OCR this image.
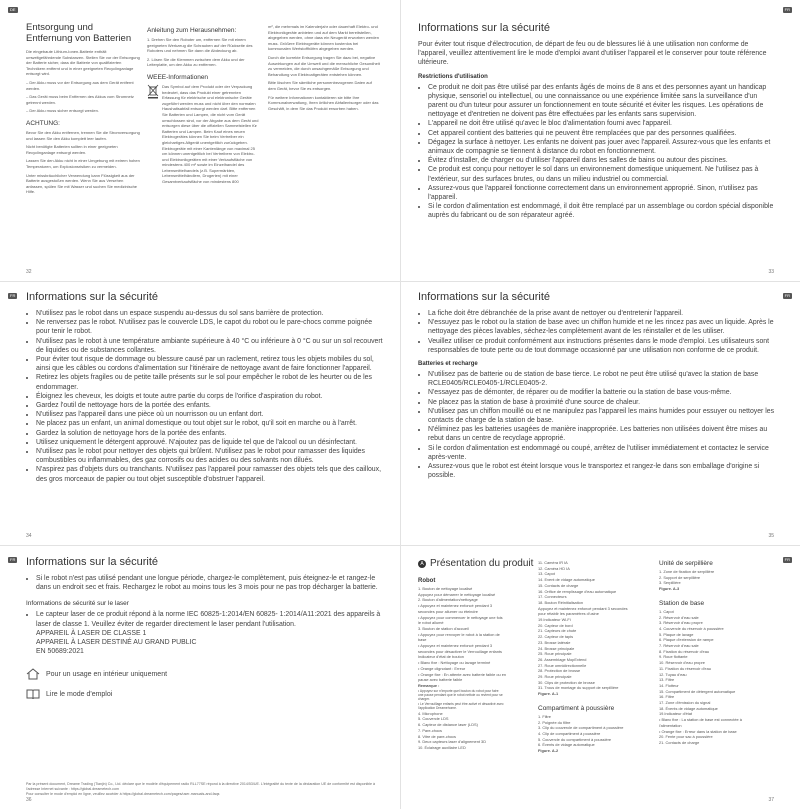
DE
Entsorgung und Entfernung von Batterien

Die eingebaute Lithium-Ionen-Batterie enthält umweltgefährdende Substanzen. Stellen Sie vor der Entsorgung der Batterie sicher, dass die Batterie von qualifizierten Technikern entfernt und in einer geeigneten Recyclinganlage entsorgt wird.

– Der Akku muss vor der Entsorgung aus dem Gerät entfernt werden.

– Das Gerät muss beim Entfernen des Akkus vom Stromnetz getrennt werden.

– Der Akku muss sicher entsorgt werden.

ACHTUNG:

Bevor Sie den Akku entfernen, trennen Sie die Stromversorgung und lassen Sie den Akku komplett leer laufen.

Nicht benötigte Batterien sollten in einer geeigneten Recyclinganlage entsorgt werden.

Lassen Sie den Akku nicht in einer Umgebung mit extrem hohen Temperaturen, um Explosionsrisiken zu vermeiden.

Unter missbräuchlicher Verwendung kann Flüssigkeit aus der Batterie ausgestoßen werden. Wenn Sie aus Versehen anfassen, spülen Sie mit Wasser und suchen Sie medizinische Hilfe.

Anleitung zum Herausnehmen:

1. Drehen Sie den Roboter um, entfernen Sie mit einem geeigneten Werkzeug die Schrauben auf der Rückseite des Roboters und nehmen Sie dann die Abdeckung ab.

2. Lösen Sie die Klemmen zwischen dem Akku und der Leiterplatte, um den Akku zu entfernen.

WEEE-Informationen

Das Symbol auf dem Produkt oder der Verpackung bedeutet, dass das Produkt einer getrennten Erfassung für elektrische und elektronische Geräte zugeführt werden muss und nicht über den normalen Haushaltsabfall entsorgt werden darf. Bitte entfernen Sie Batterien und Lampen, die nicht vom Gerät umschlossen sind, vor der Abgabe aus dem Gerät und entsorgen diese über die offiziellen Sammelstellen für Batterien und Lampen. Beim Kauf eines neuen Elektrogerätes können Sie beim Vertreiber ein gleichartiges Altgerät unentgeltlich zurückgeben. Elektrogeräte mit einer Kantenlänge von maximal 25 cm können unentgeltlich bei Vertreibern von Elektro- und Elektronikgeräten mit einer Verkaufsfläche von mindestens 400 m² sowie im Einzelhandel des Lebensmittelhandels (z.B. Supermärkten, Lebensmittelhändlern, Drogerien) mit einer Gesamtverkaufsfläche von mindestens 800

m², die mehrmals im Kalenderjahr oder dauerhaft Elektro- und Elektronikgeräte anbieten und auf dem Markt bereitstellen, abgegeben werden, ohne dass ein Neugerät erworben werden muss. Größere Elektrogeräte können kostenlos bei kommunalen Wertstoffhöfen abgegeben werden.

Durch die korrekte Entsorgung tragen Sie dazu bei, negative Auswirkungen auf die Umwelt und die menschliche Gesundheit zu vermeiden, die durch unsachgemäße Entsorgung und Behandlung von Elektroaltgeräten entstehen können.

Bitte löschen Sie sämtliche personenbezogenen Daten auf dem Gerät, bevor Sie es entsorgen.

Für weitere Informationen kontaktieren sie bitte Ihre Kommunalverwaltung, Ihren örtlichen Abfallentsorger oder das Geschäft, in dem Sie das Produkt erworben haben.

32
FR
Informations sur la sécurité
Pour éviter tout risque d'électrocution, de départ de feu ou de blessures lié à une utilisation non conforme de l'appareil, veuillez attentivement lire le mode d'emploi avant d'utiliser l'appareil et le conserver pour toute référence ultérieure.
Restrictions d'utilisation
• Ce produit ne doit pas être utilisé par des enfants âgés de moins de 8 ans et des personnes ayant un handicap physique, sensoriel ou intellectuel, ou une connaissance ou une expérience limitée sans la surveillance d'un parent ou d'un tuteur pour assurer un fonctionnement en toute sécurité et éviter les risques. Les opérations de nettoyage et d'entretien ne doivent pas être effectuées par les enfants sans supervision.
• L'appareil ne doit être utilisé qu'avec le bloc d'alimentation fourni avec l'appareil.
• Cet appareil contient des batteries qui ne peuvent être remplacées que par des personnes qualifiées.
• Dégagez la surface à nettoyer. Les enfants ne doivent pas jouer avec l'appareil. Assurez-vous que les enfants et animaux de compagnie se tiennent à distance du robot en fonctionnement.
• Évitez d'installer, de charger ou d'utiliser l'appareil dans les salles de bains ou autour des piscines.
• Ce produit est conçu pour nettoyer le sol dans un environnement domestique uniquement. Ne l'utilisez pas à l'extérieur, sur des surfaces brutes, ou dans un milieu industriel ou commercial.
• Assurez-vous que l'appareil fonctionne correctement dans un environnement approprié. Sinon, n'utilisez pas l'appareil.
• Si le cordon d'alimentation est endommagé, il doit être remplacé par un assemblage ou cordon spécial disponible auprès du fabricant ou de son réparateur agréé.
33
FR Informations sur la sécurité
• N'utilisez pas le robot dans un espace suspendu au-dessus du sol sans barrière de protection.
• Ne renversez pas le robot. N'utilisez pas le couvercle LDS, le capot du robot ou le pare-chocs comme poignée pour tenir le robot.
• N'utilisez pas le robot à une température ambiante supérieure à 40 °C ou inférieure à 0 °C ou sur un sol recouvert de liquides ou de substances collantes.
• Pour éviter tout risque de dommage ou blessure causé par un raclement, retirez tous les objets mobiles du sol, ainsi que les câbles ou cordons d'alimentation sur l'itinéraire de nettoyage avant de faire fonctionner l'appareil.
• Retirez les objets fragiles ou de petite taille présents sur le sol pour empêcher le robot de les heurter ou de les endommager.
• Éloignez les cheveux, les doigts et toute autre partie du corps de l'orifice d'aspiration du robot.
• Gardez l'outil de nettoyage hors de la portée des enfants.
• N'utilisez pas l'appareil dans une pièce où un nourrisson ou un enfant dort.
• Ne placez pas un enfant, un animal domestique ou tout objet sur le robot, qu'il soit en marche ou à l'arrêt.
• Gardez la solution de nettoyage hors de la portée des enfants.
• Utilisez uniquement le détergent approuvé. N'ajoutez pas de liquide tel que de l'alcool ou un désinfectant.
• N'utilisez pas le robot pour nettoyer des objets qui brûlent. N'utilisez pas le robot pour ramasser des liquides combustibles ou inflammables, des gaz corrosifs ou des acides ou des solvants non dilués.
• N'aspirez pas d'objets durs ou tranchants. N'utilisez pas l'appareil pour ramasser des objets tels que des cailloux, des gros morceaux de papier ou tout objet susceptible d'obstruer l'appareil.
34
FR
Informations sur la sécurité
• La fiche doit être débranchée de la prise avant de nettoyer ou d'entretenir l'appareil.
• N'essuyez pas le robot ou la station de base avec un chiffon humide et ne les rincez pas avec un liquide. Après le nettoyage des pièces lavables, séchez-les complètement avant de les réinstaller et de les utiliser.
• Veuillez utiliser ce produit conformément aux instructions présentes dans le mode d'emploi. Les utilisateurs sont responsables de toute perte ou de tout dommage occasionné par une utilisation non conforme de ce produit.
Batteries et recharge
• N'utilisez pas de batterie ou de station de base tierce. Le robot ne peut être utilisé qu'avec la station de base RCLE0405/RCLE0405-1/RCLE0405-2.
• N'essayez pas de démonter, de réparer ou de modifier la batterie ou la station de base vous-même.
• Ne placez pas la station de base à proximité d'une source de chaleur.
• N'utilisez pas un chiffon mouillé ou et ne manipulez pas l'appareil les mains humides pour essuyer ou nettoyer les contacts de charge de la station de base.
• N'éliminez pas les batteries usagées de manière inappropriée. Les batteries non utilisées doivent être mises au rebut dans un centre de recyclage approprié.
• Si le cordon d'alimentation est endommagé ou coupé, arrêtez de l'utiliser immédiatement et contactez le service après-vente.
• Assurez-vous que le robot est éteint lorsque vous le transportez et rangez-le dans son emballage d'origine si possible.
35
FR Informations sur la sécurité
• Si le robot n'est pas utilisé pendant une longue période, chargez-le complètement, puis éteignez-le et rangez-le dans un endroit sec et frais. Rechargez le robot au moins tous les 3 mois pour ne pas trop décharger la batterie.
Informations de sécurité sur le laser
• Le capteur laser de ce produit répond à la norme IEC 60825-1:2014/EN 60825- 1:2014/A11:2021 des appareils à laser de classe 1. Veuillez éviter de regarder directement le laser pendant l'utilisation.
APPAREIL À LASER DE CLASSE 1
APPAREIL À LASER DESTINÉ AU GRAND PUBLIC
EN 50689:2021
Pour un usage en intérieur uniquement
Lire le mode d'emploi
Par la présent document, Dreame Trading (Tianjin) Co., Ltd. déclare que le modèle d'équipement radio RLL77SE répond à la directive 2014/53/UE. L'intégralité du texte de la déclaration UE de conformité est disponible à l'adresse Internet suivante : https://global.dreametech.com
Pour consulter le mode d'emploi en ligne, veuillez accéder à https://global.dreametech.com/pages/user-manuals-and-faqs
36
FR
A Présentation du produit
Robot
1. Bouton de nettoyage localisé
Appuyez pour démarrer le nettoyage localisé
2. Bouton d'alimentation/nettoyage
• Appuyez et maintenez enfoncé pendant 3
secondes pour allumer ou éteindre
• Appuyez pour commencer le nettoyage une fois
le robot allumé
3. Bouton de station d'accueil
• Appuyez pour renvoyer le robot à la station de
base
• Appuyez et maintenez enfoncé pendant 3
secondes pour désactiver le Verrouillage enfants
Indicateur d'état de bouton
• Blanc fixe : Nettoyage ou lavage terminé
• Orange clignotant : Erreur
• Orange fixe : En attente avec batterie faible ou en
pause avec batterie faible
Remarque :
• Appuyez sur n'importe quel bouton du robot pour faire
une pause pendant que le robot nettoie ou revient pour se
charger.
• Le Verrouillage enfants peut être activé et désactivé avec
l'application Dreamehome.
4. Microphone
5. Couvercle LDS
6. Capteur de distance laser (LDS)
7. Pare-chocs
8. Vitre de pare-chocs
9. Deux capteurs laser d'alignement 3D
10. Éclairage auxiliaire LED
11. Caméra IR IA
12. Caméra HD IA
13. Capot
14. Event de vidage automatique
15. Contacts de charge
16. Orifice de remplissage d'eau automatique
17. Connecteurs
18. Bouton Réinitialisation
Appuyez et maintenez enfoncé pendant 3 secondes
pour rétablir les paramètres d'usine
19.Indicateur Wi-Fi
20. Capteur de bord
21. Capteurs de chute
22. Capteur de tapis
23. Brosse latérale
24. Brosse principale
25. Roue principale
26. Assemblage MopExtend
27. Roue omnidirectionnelle
28. Protection de brosse
29. Roue principale
30. Clips de protection de brosse
31. Trous de montage du support de serpillière
Figure. A-1
Compartiment à poussière
1. Filtre
2. Poignée du filtre
3. Clip du couvercle de compartiment à poussière
4. Clip de compartiment à poussière
5. Couvercle du compartiment à poussière
6. Évents de vidage automatique
Figure. A-2
Unité de serpillière
1. Zone de fixation de serpillière
2. Support de serpillière
3. Serpillière
Figure. A-3
Station de base
1. Capot
2. Réservoir d'eau sale
3. Réservoir d'eau propre
4. Couvercle du réservoir à poussière
5. Plaque de lavage
6. Plaque d'extension de rampe
7. Réservoir d'eau sale
8. Fixation du réservoir d'eau
9. Roue flottante
10. Réservoir d'eau propre
11. Fixation du réservoir d'eau
12. Tuyau d'eau
13. Filtre
14. Flotteur
15. Compartiment de détergent automatique
16. Filtre
17. Zone d'émission du signal
18. Évents de vidage automatique
19.Indicateur d'état
• Blanc fixe : La station de base est connectée à
l'alimentation
• Orange fixe : Erreur dans la station de base
20. Fente pour sac à poussière
21. Contacts de charge
37
